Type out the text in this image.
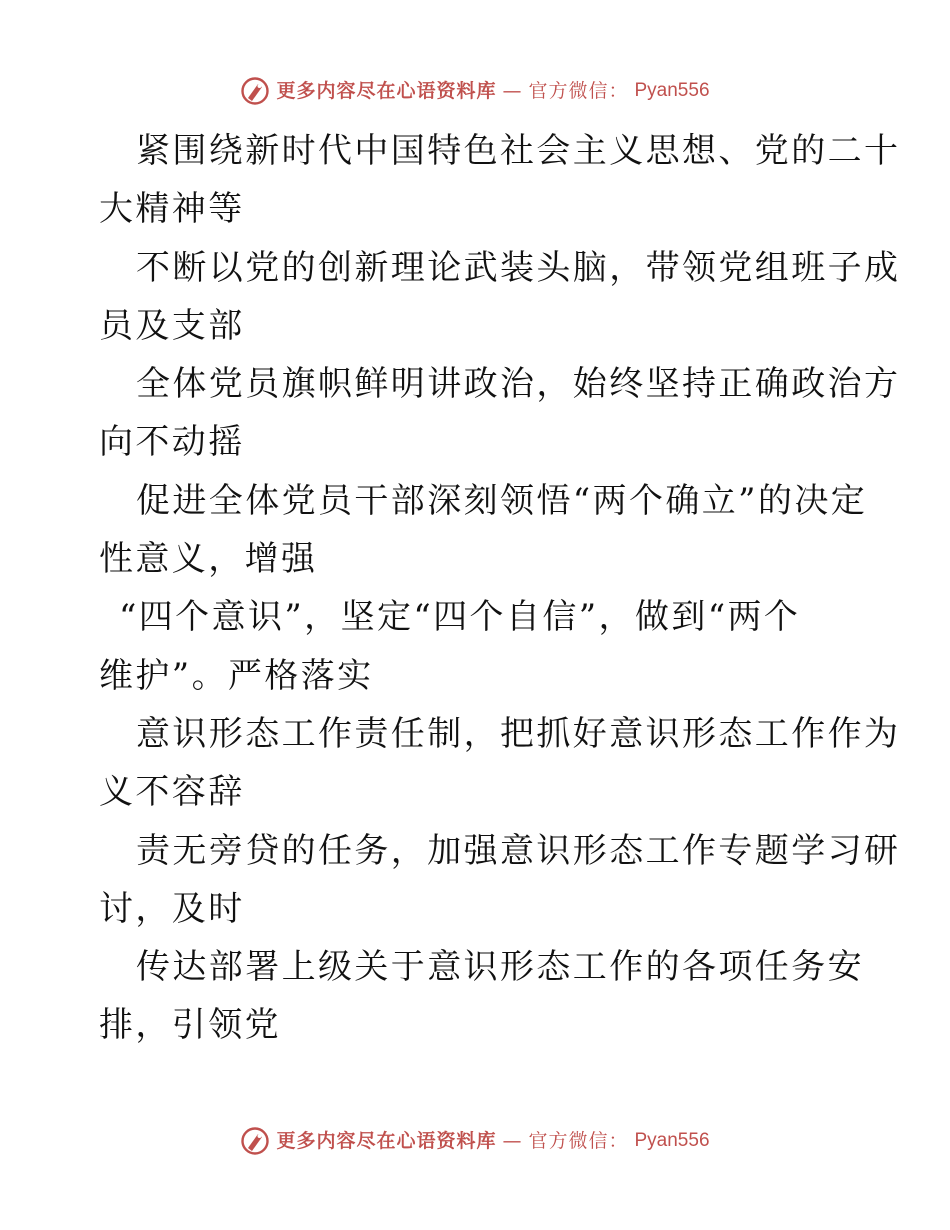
更多内容尽在心语资料库 — 官方微信： Pyan556
紧围绕新时代中国特色社会主义思想、党的二十
大精神等
不断以党的创新理论武装头脑，带领党组班子成
员及支部
全体党员旗帜鲜明讲政治，始终坚持正确政治方
向不动摇
促进全体党员干部深刻领悟“两个确立”的决定
性意义，增强
“四个意识”，坚定“四个自信”，做到“两个
维护”。严格落实
意识形态工作责任制，把抓好意识形态工作作为
义不容辞
责无旁贷的任务，加强意识形态工作专题学习研
讨，及时
传达部署上级关于意识形态工作的各项任务安
排，引领党
更多内容尽在心语资料库 — 官方微信： Pyan556
